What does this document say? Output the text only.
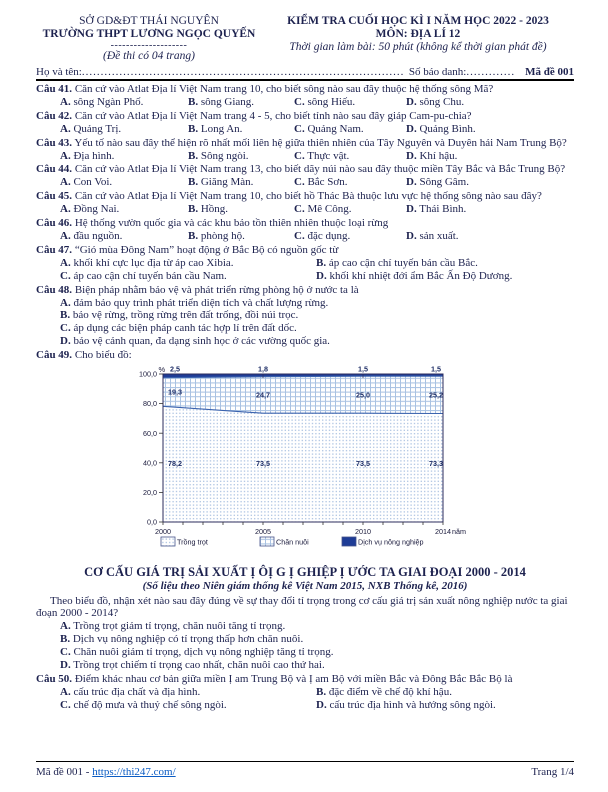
SỞ GD&ĐT THÁI NGUYÊN
TRƯỜNG THPT LƯƠNG NGỌC QUYẾN
--------------------
(Đề thi có 04 trang)
KIỂM TRA CUỐI HỌC KÌ I NĂM HỌC 2022 - 2023
MÔN: ĐỊA LÍ 12
Thời gian làm bài: 50 phút (không kể thời gian phát đề)
Họ và tên: ...................................................................................... Số báo danh: ............. Mã đề 001
Câu 41. Căn cứ vào Atlat Địa lí Việt Nam trang 10, cho biết sông nào sau đây thuộc hệ thống sông Mã?
A. sông Ngàn Phố.	B. sông Giang.	C. sông Hiếu.	D. sông Chu.
Câu 42. Căn cứ vào Atlat Địa lí Việt Nam trang 4 - 5, cho biết tỉnh nào sau đây giáp Cam-pu-chia?
A. Quảng Trị.	B. Long An.	C. Quảng Nam.	D. Quảng Bình.
Câu 43. Yếu tố nào sau đây thể hiện rõ nhất mối liên hệ giữa thiên nhiên của Tây Nguyên và Duyên hải Nam Trung Bộ?
A. Địa hình.	B. Sông ngòi.	C. Thực vật.	D. Khí hậu.
Câu 44. Căn cứ vào Atlat Địa lí Việt Nam trang 13, cho biết dãy núi nào sau đây thuộc miền Tây Bắc và Bắc Trung Bộ?
A. Con Voi.	B. Giăng Màn.	C. Bắc Sơn.	D. Sông Gâm.
Câu 45. Căn cứ vào Atlat Địa lí Việt Nam trang 10, cho biết hồ Thác Bà thuộc lưu vực hệ thống sông nào sau đây?
A. Đồng Nai.	B. Hồng.	C. Mê Công.	D. Thái Bình.
Câu 46. Hệ thống vườn quốc gia và các khu bảo tồn thiên nhiên thuộc loại rừng
A. đầu nguồn.	B. phòng hộ.	C. đặc dụng.	D. sản xuất.
Câu 47. “Gió mùa Đông Nam” hoạt động ở Bắc Bộ có nguồn gốc từ
A. khối khí cực lục địa từ áp cao Xibia.	B. áp cao cận chí tuyến bán cầu Bắc.
C. áp cao cận chí tuyến bán cầu Nam.	D. khối khí nhiệt đới ẩm Bắc Ấn Độ Dương.
Câu 48. Biện pháp nhằm bảo vệ và phát triển rừng phòng hộ ở nước ta là
A. đảm bảo quy trình phát triển diện tích và chất lượng rừng.
B. bảo vệ rừng, trồng rừng trên đất trống, đồi núi trọc.
C. áp dụng các biện pháp canh tác hợp lí trên đất dốc.
D. bảo vệ cảnh quan, đa dạng sinh học ở các vường quốc gia.
Câu 49. Cho biểu đồ:
100,0
80,0
60,0
40,0
20,0
0,0
%
2000	2005	2010	2014 năm
2,5	1,8	1,5	1,5
19,3	24,7	25,0	25,2
78,2	73,5	73,5	73,3
Trồng trọt	Chăn nuôi	Dịch vụ nông nghiệp
CƠ CẤU GIÁ TRỊ SẢI XUẤT Ị ÔỊ G Ị GHIỆP Ị ƯỚC TA GIAI ĐOẠI 2000 - 2014
(Số liệu theo Niên giám thống kê Việt Nam 2015, NXB Thống kê, 2016)
Theo biểu đồ, nhận xét nào sau đây đúng về sự thay đổi tỉ trọng trong cơ cấu giá trị sản xuất nông nghiệp nước ta giai đoạn 2000 - 2014?
A. Trồng trọt giảm tỉ trọng, chăn nuôi tăng tỉ trọng.
B. Dịch vụ nông nghiệp có tỉ trọng thấp hơn chăn nuôi.
C. Chăn nuôi giảm tỉ trọng, dịch vụ nông nghiệp tăng tỉ trọng.
D. Trồng trọt chiếm tỉ trọng cao nhất, chăn nuôi cao thứ hai.
Câu 50. Điểm khác nhau cơ bản giữa miền Ị am Trung Bộ và Ị am Bộ với miền Bắc và Đông Bắc Bắc Bộ là
A. cấu trúc địa chất và địa hình.	B. đặc điểm về chế độ khí hậu.
C. chế độ mưa và thuỷ chế sông ngòi.	D. cấu trúc địa hình và hướng sông ngòi.
Mã đề 001 - https://thi247.com/	Trang 1/4
